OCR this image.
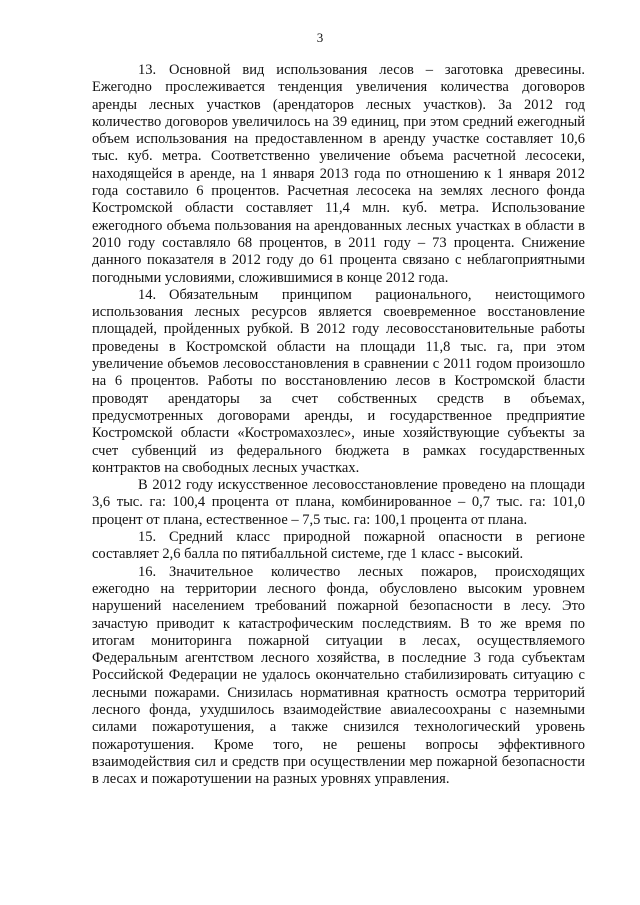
3

13. Основной вид использования лесов – заготовка древесины. Ежегодно прослеживается тенденция увеличения количества договоров аренды лесных участков (арендаторов лесных участков). За 2012 год количество договоров увеличилось на 39 единиц, при этом средний ежегодный объем использования на предоставленном в аренду участке составляет 10,6 тыс. куб. метра. Соответственно увеличение объема расчетной лесосеки, находящейся в аренде, на 1 января 2013 года по отношению к 1 января 2012 года составило 6 процентов. Расчетная лесосека на землях лесного фонда Костромской области составляет 11,4 млн. куб. метра. Использование ежегодного объема пользования на арендованных лесных участках в области в 2010 году составляло 68 процентов, в 2011 году – 73 процента. Снижение данного показателя в 2012 году до 61 процента связано с неблагоприятными погодными условиями, сложившимися в конце 2012 года.

14. Обязательным принципом рационального, неистощимого использования лесных ресурсов является своевременное восстановление площадей, пройденных рубкой. В 2012 году лесовосстановительные работы проведены в Костромской области на площади 11,8 тыс. га, при этом увеличение объемов лесовосстановления в сравнении с 2011 годом произошло на 6 процентов. Работы по восстановлению лесов в Костромской бласти проводят арендаторы за счет собственных средств в объемах, предусмотренных договорами аренды, и государственное предприятие Костромской области «Костромахозлес», иные хозяйствующие субъекты за счет субвенций из федерального бюджета в рамках государственных контрактов на свободных лесных участках.

В 2012 году искусственное лесовосстановление проведено на площади 3,6 тыс. га: 100,4 процента от плана, комбинированное – 0,7 тыс. га: 101,0 процент от плана, естественное – 7,5 тыс. га: 100,1 процента от плана.

15. Средний класс природной пожарной опасности в регионе составляет 2,6 балла по пятибалльной системе, где 1 класс - высокий.

16. Значительное количество лесных пожаров, происходящих ежегодно на территории лесного фонда, обусловлено высоким уровнем нарушений населением требований пожарной безопасности в лесу. Это зачастую приводит к катастрофическим последствиям. В то же время по итогам мониторинга пожарной ситуации в лесах, осуществляемого Федеральным агентством лесного хозяйства, в последние 3 года субъектам Российской Федерации не удалось окончательно стабилизировать ситуацию с лесными пожарами. Снизилась нормативная кратность осмотра территорий лесного фонда, ухудшилось взаимодействие авиалесоохраны с наземными силами пожаротушения, а также снизился технологический уровень пожаротушения. Кроме того, не решены вопросы эффективного взаимодействия сил и средств при осуществлении мер пожарной безопасности в лесах и пожаротушении на разных уровнях управления.
